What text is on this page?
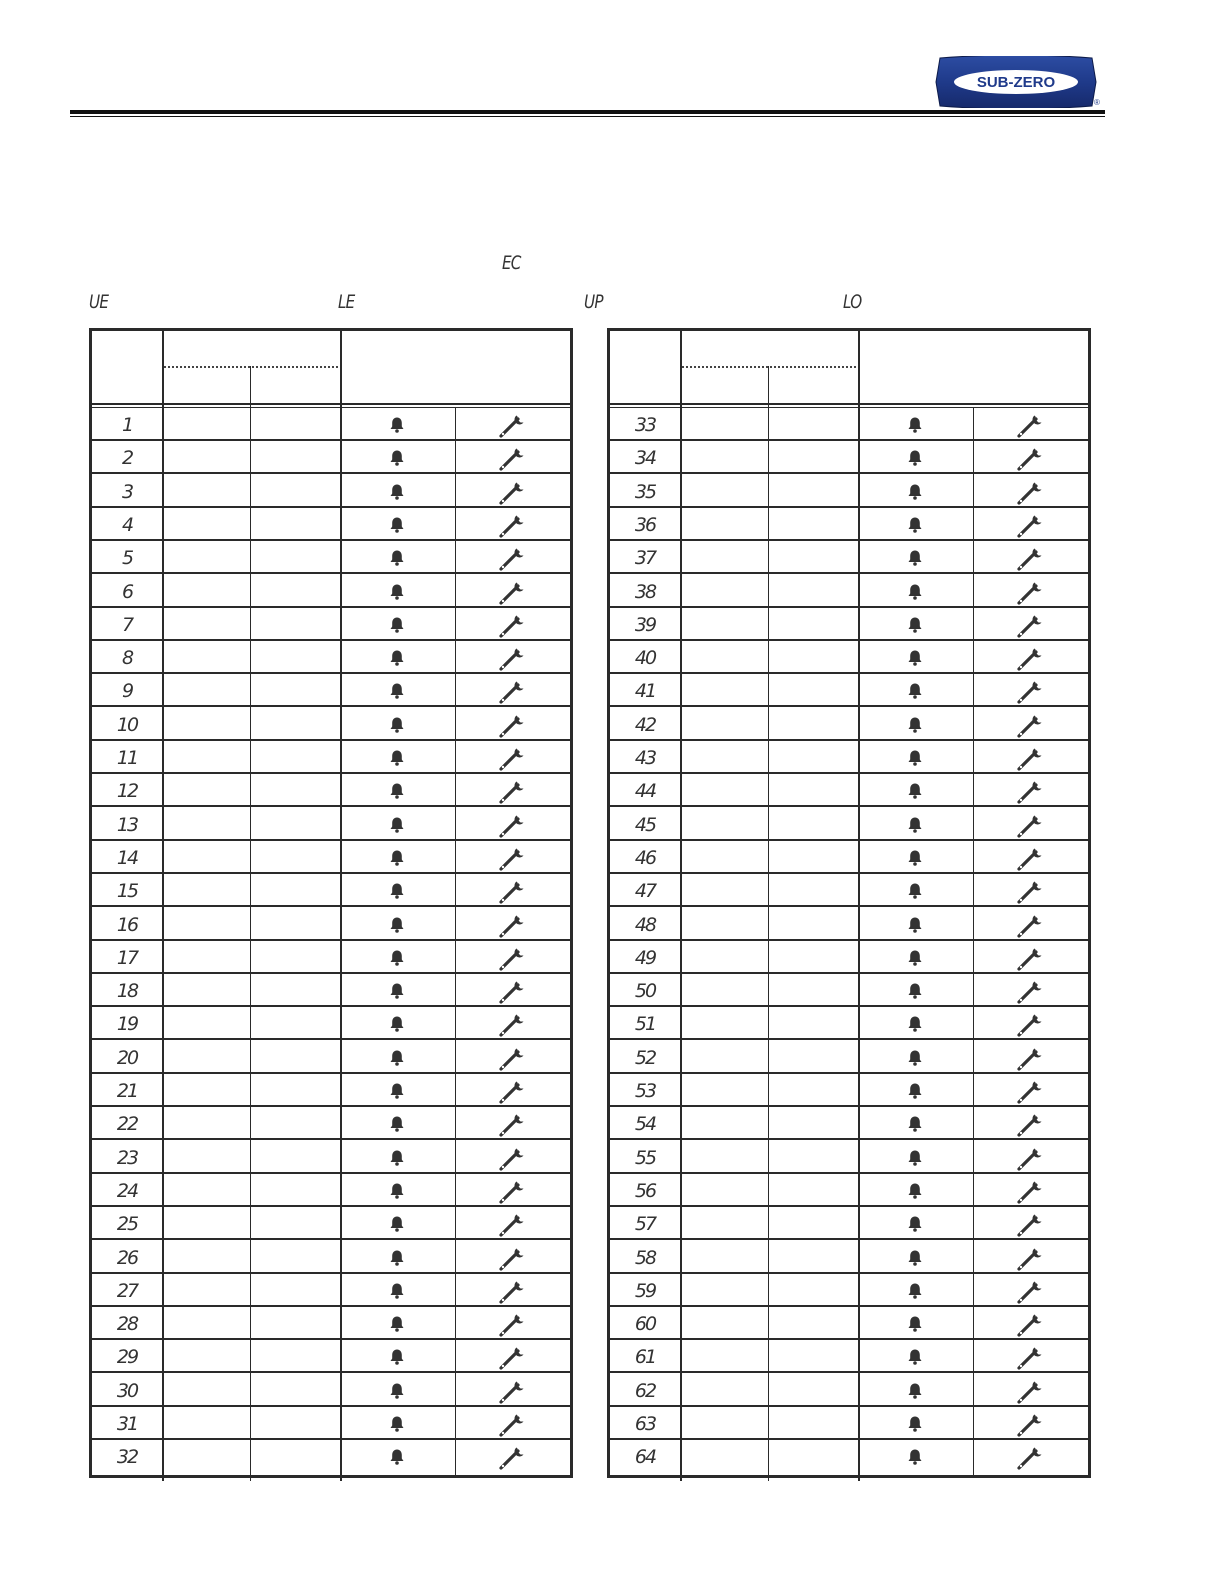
SUB-ZERO
®
EC
UE	LE	UP	LO
1
2
3
4
5
6
7
8
9
10
11
12
13
14
15
16
17
18
19
20
21
22
23
24
25
26
27
28
29
30
31
32
33
34
35
36
37
38
39
40
41
42
43
44
45
46
47
48
49
50
51
52
53
54
55
56
57
58
59
60
61
62
63
64
